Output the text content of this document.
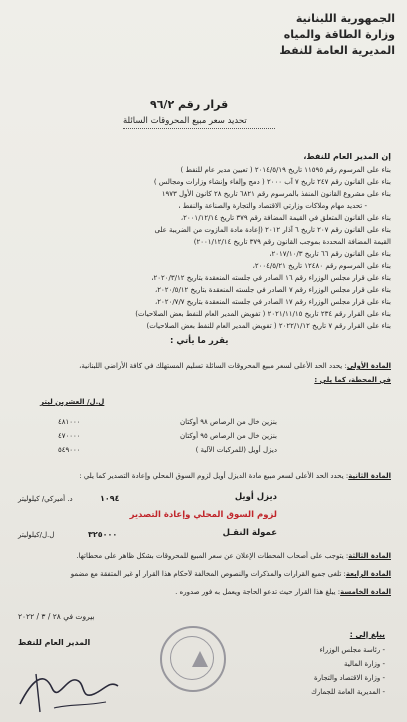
الجمهورية اللبنانية
وزارة الطاقة والمياه
المديرية العامة للنفط
قرار رقم ٩٦/٢
تحديد سعر مبيع المحروقات السائلة
إن المدير العام للنفط،
بناء على المرسوم رقم ١١٥٩٥ تاريخ ٢٠١٤/٥/١٩ ( تعيين مدير عام للنفط )
بناء على القانون رقم ٢٤٧ تاريخ ٧ آب ٢٠٠٠ ( دمج وإلغاء وإنشاء وزارات ومجالس )
بناء على مشروع القانون المنفذ بالمرسوم رقم ٦٨٢١ تاريخ ٢٨ كانون الأول ١٩٧٣
- تحديد مهام وملاكات وزارتي الاقتصاد والتجارة والصناعة والنفط ،
بناء على القانون المتعلق في القيمة المضافة رقم ٣٧٩ تاريخ ٢٠٠١/١٢/١٤،
بناء على القانون رقم ٢٠٧ تاريخ ٦ آذار ٢٠١٢ (إعادة مادة المازوت من الضريبة على
القيمة المضافة المحددة بموجب القانون رقم ٣٧٩ تاريخ ٢٠٠١/١٢/١٤)
بناء على القانون رقم ٦٦ تاريخ ٢٠١٧/١٠/٣،
بناء على المرسوم رقم ١٢٤٨٠ تاريخ ٢٠٠٤/٥/٢١،
بناء على قرار مجلس الوزراء رقم ١٦ الصادر في جلسته المنعقدة بتاريخ ٢٠٢٠/٣/١٢،
بناء على قرار مجلس الوزراء رقم ٧ الصادر في جلسته المنعقدة بتاريخ ٢٠٢٠/٥/١٢،
بناء على قرار مجلس الوزراء رقم ١٧ الصادر في جلسته المنعقدة بتاريخ ٢٠٢٠/٧/٧،
بناء على القرار رقم ٢٣٤ تاريخ ٢٠٢١/١١/١٥ ( تفويض المدير العام للنفط بعض الصلاحيات)
بناء على القرار رقم ٧ تاريخ ٢٠٢٢/١/١٢ ( تفويض المدير العام للنفط بعض الصلاحيات)
يقرر ما يأتي :
المادة الأولى: يحدد الحد الأعلى لسعر مبيع المحروقات السائلة تسليم المستهلك في كافة الأراضي اللبنانية،
في المحطة، كما يلي :
ل.ل/ العشرين ليتر
بنزين خال من الرصاص ٩٨ أوكتان
٤٨١٠٠٠
بنزين خال من الرصاص ٩٥ أوكتان
٤٧٠٠٠٠
ديزل أويل (للمركبات الآلية )
٥٤٩٠٠٠
المادة الثانية: يحدد الحد الأعلى لسعر مبيع مادة الديزل أويل لزوم السوق المحلي وإعادة التصدير كما يلي :
ديزل أويل
١٠٩٤
د. أميركي/ كيلوليتر
لزوم السوق المحلي وإعادة التصدير
عمولة النقـل
٣٢٥٠٠٠
ل.ل/كيلوليتر
المادة الثالثة: يتوجب على أصحاب المحطات الإعلان عن سعر المبيع للمحروقات بشكل ظاهر على محطاتها.
المادة الرابعة: تلغى جميع القرارات والمذكرات والنصوص المخالفة لأحكام هذا القرار أو غير المتفقة مع مضمو
المادة الخامسة: يبلغ هذا القرار حيث تدعو الحاجة ويعمل به فور صدوره .
بيروت في ٢٨ / ٣ / ٢٠٢٢
المدير العام للنفط
يبلغ إلى :
- رئاسة مجلس الوزراء
- وزارة المالية
- وزارة الاقتصاد والتجارة
- المديرية العامة للجمارك
